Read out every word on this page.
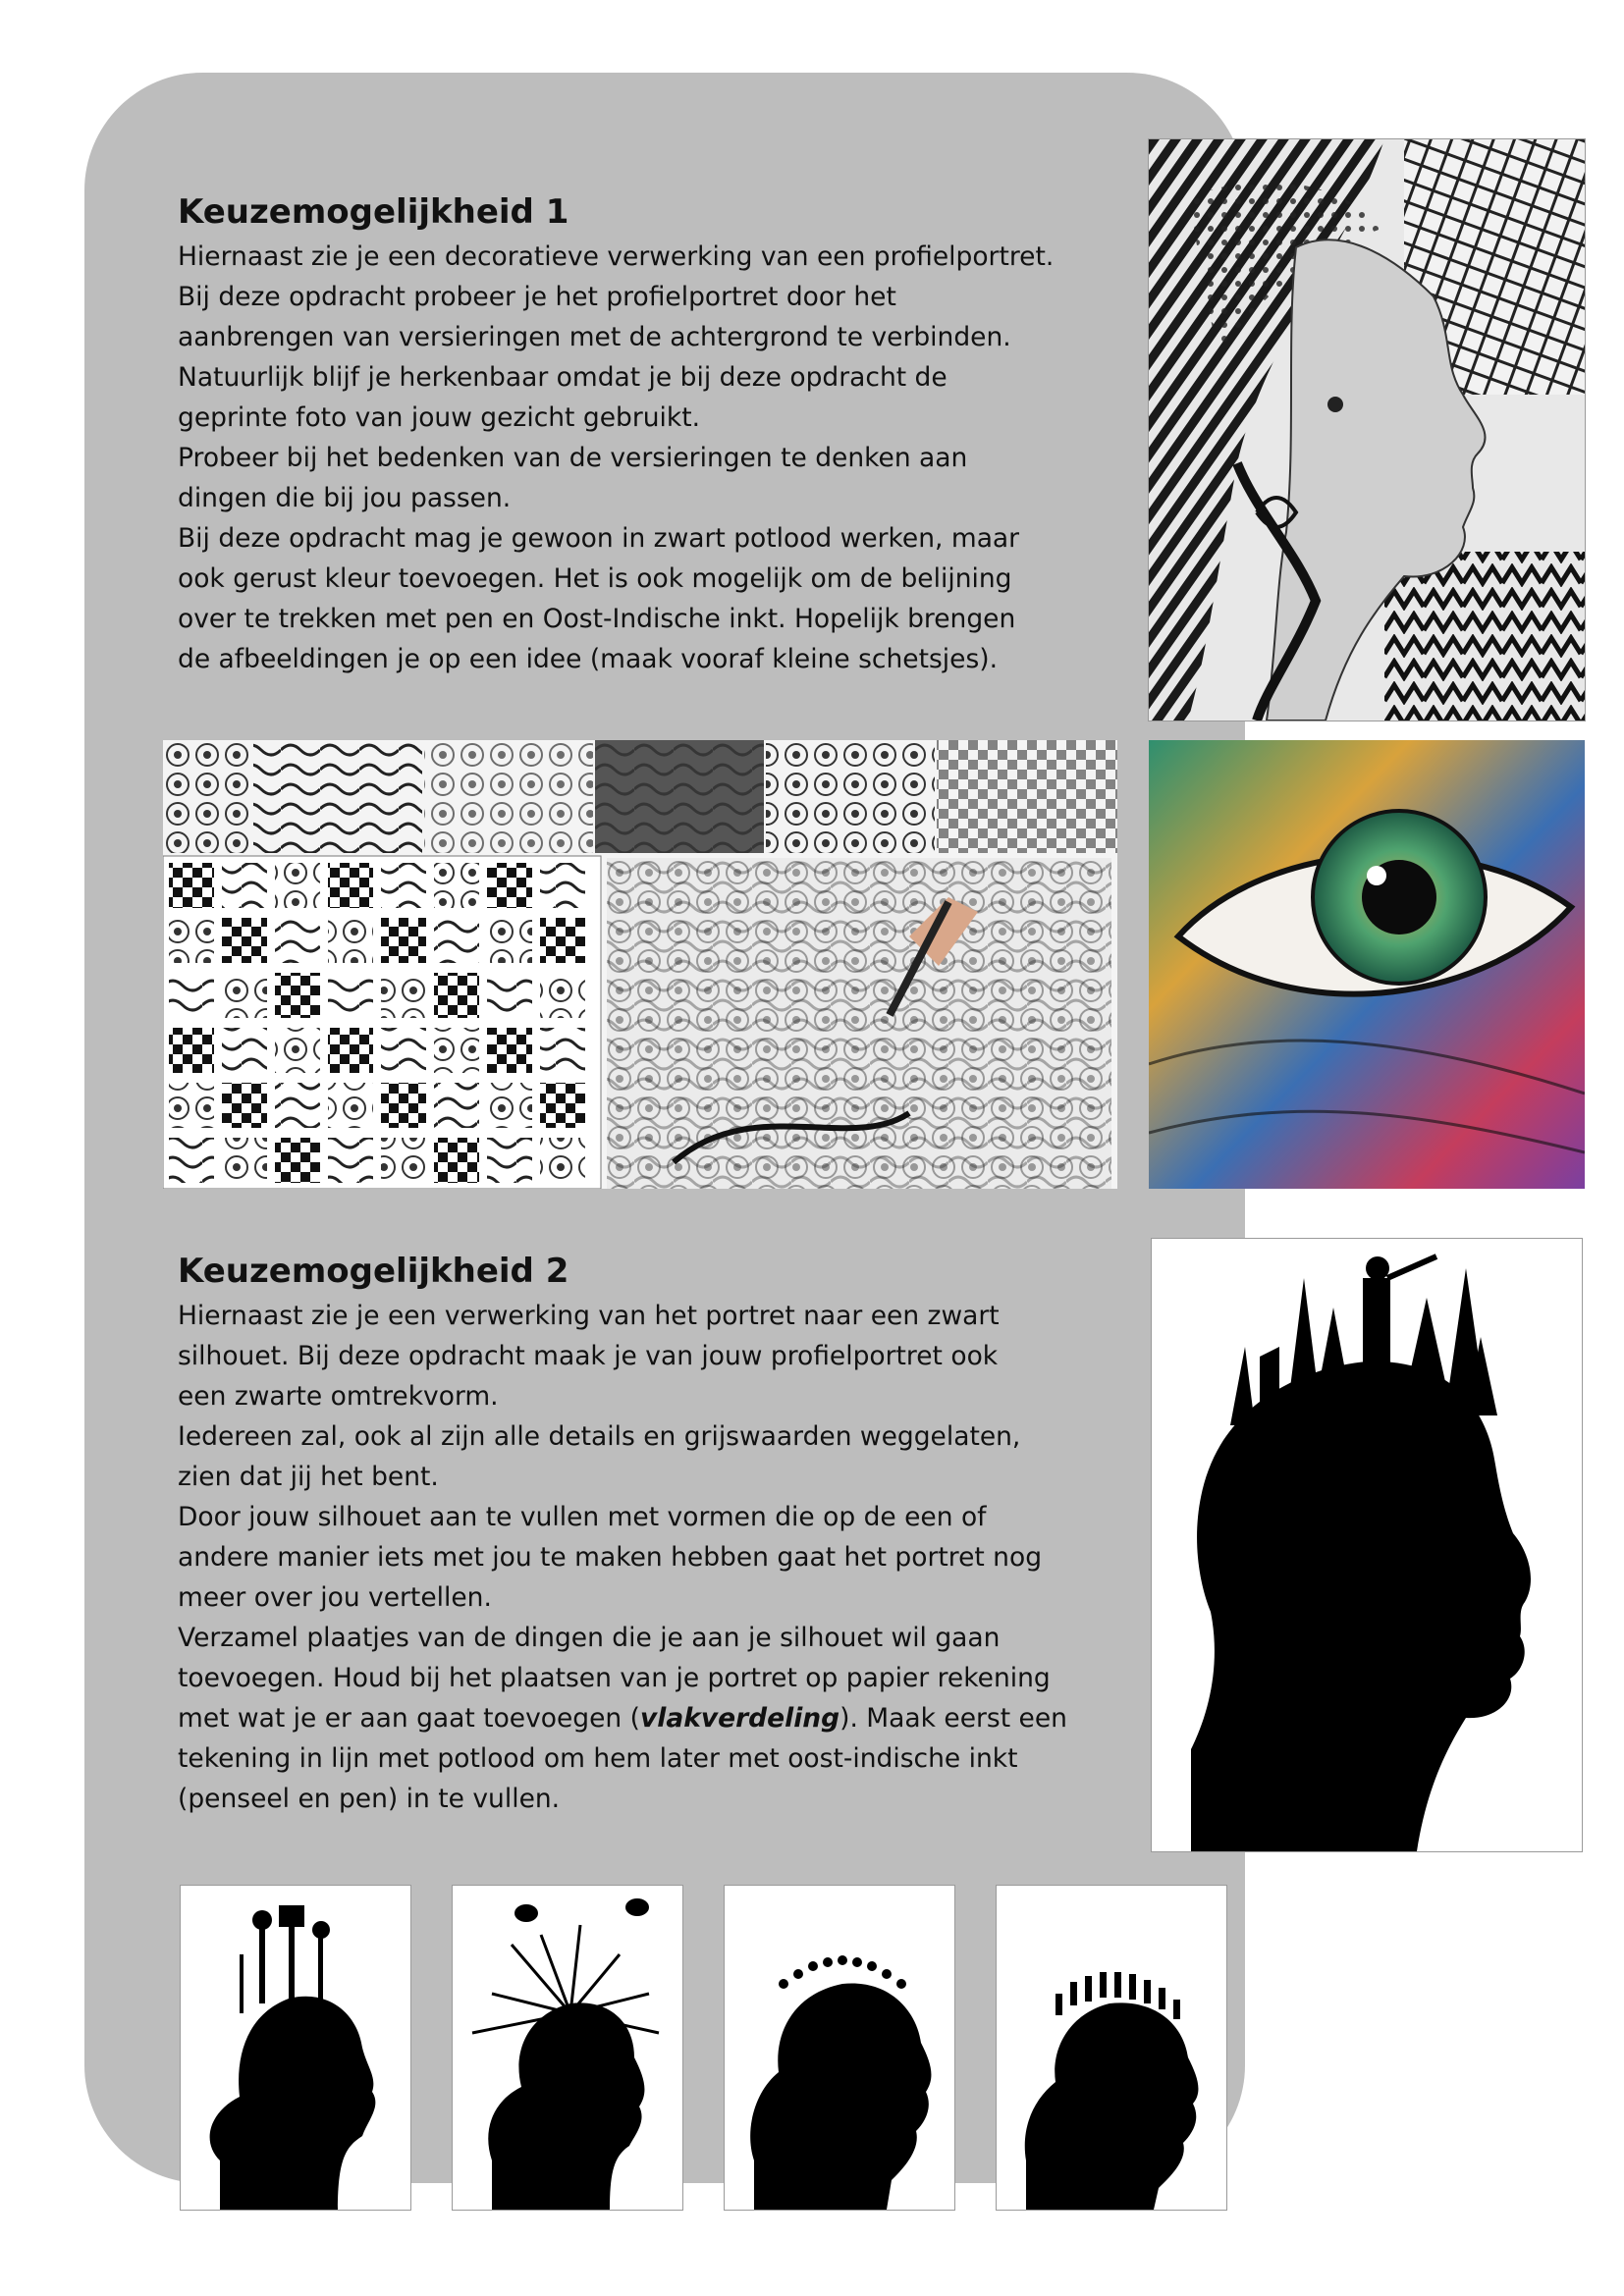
Keuzemogelijkheid 1
Hiernaast zie je een decoratieve verwerking van een profielportret.
Bij deze opdracht probeer je het profielportret door het
aanbrengen van versieringen met de achtergrond te verbinden.
Natuurlijk blijf je herkenbaar omdat je bij deze opdracht de
geprinte foto van jouw gezicht gebruikt.
Probeer bij het bedenken van de versieringen te denken aan
dingen die bij jou passen.
Bij deze opdracht mag je gewoon in zwart potlood werken, maar
ook gerust kleur toevoegen. Het is ook mogelijk om de belijning
over te trekken met pen en Oost-Indische inkt. Hopelijk brengen
de afbeeldingen je op een idee (maak vooraf kleine schetsjes).
Keuzemogelijkheid 2
Hiernaast zie je een verwerking van het portret naar een zwart
silhouet. Bij deze opdracht maak je van jouw profielportret ook
een zwarte omtrekvorm.
Iedereen zal, ook al zijn alle details en grijswaarden weggelaten,
zien dat jij het bent.
Door jouw silhouet aan te vullen met vormen die op de een of
andere manier iets met jou te maken hebben gaat het portret nog
meer over jou vertellen.
Verzamel plaatjes van de dingen die je aan je silhouet wil gaan
toevoegen. Houd bij het plaatsen van je portret op papier rekening
met wat je er aan gaat toevoegen (vlakverdeling). Maak eerst een
tekening in lijn met potlood om hem later met oost-indische inkt
(penseel en pen) in te vullen.
